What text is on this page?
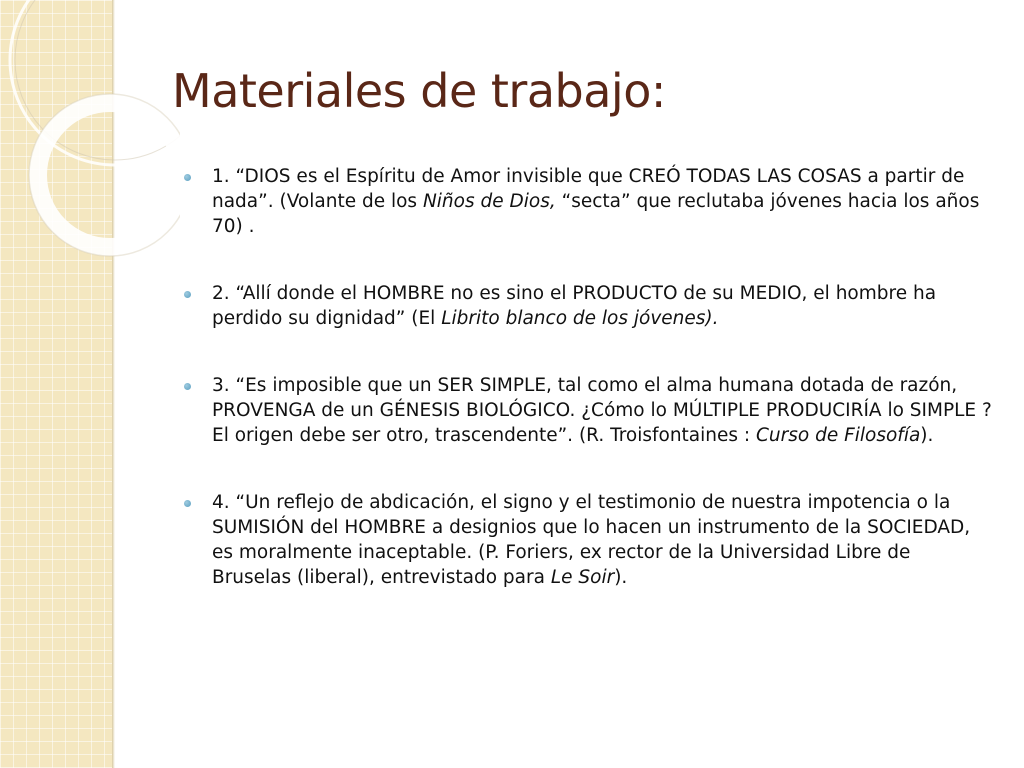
Materiales de trabajo:
1. “DIOS es el Espíritu de Amor invisible que CREÓ TODAS LAS COSAS a partir de nada”. (Volante de los Niños de Dios, “secta” que reclutaba jóvenes hacia los años 70) .
2. “Allí donde el HOMBRE no es sino el PRODUCTO de su MEDIO, el hombre ha perdido su dignidad” (El Librito blanco de los jóvenes).
3. “Es imposible que un SER SIMPLE, tal como el alma humana dotada de razón, PROVENGA de un GÉNESIS BIOLÓGICO. ¿Cómo lo MÚLTIPLE PRODUCIRÍA lo SIMPLE ? El origen debe ser otro, trascendente”. (R. Troisfontaines : Curso de Filosofía).
4. “Un reflejo de abdicación, el signo y el testimonio de nuestra impotencia o la SUMISIÓN del HOMBRE a designios que lo hacen un instrumento de la SOCIEDAD, es moralmente inaceptable. (P. Foriers, ex rector de la Universidad Libre de Bruselas (liberal), entrevistado para Le Soir).
